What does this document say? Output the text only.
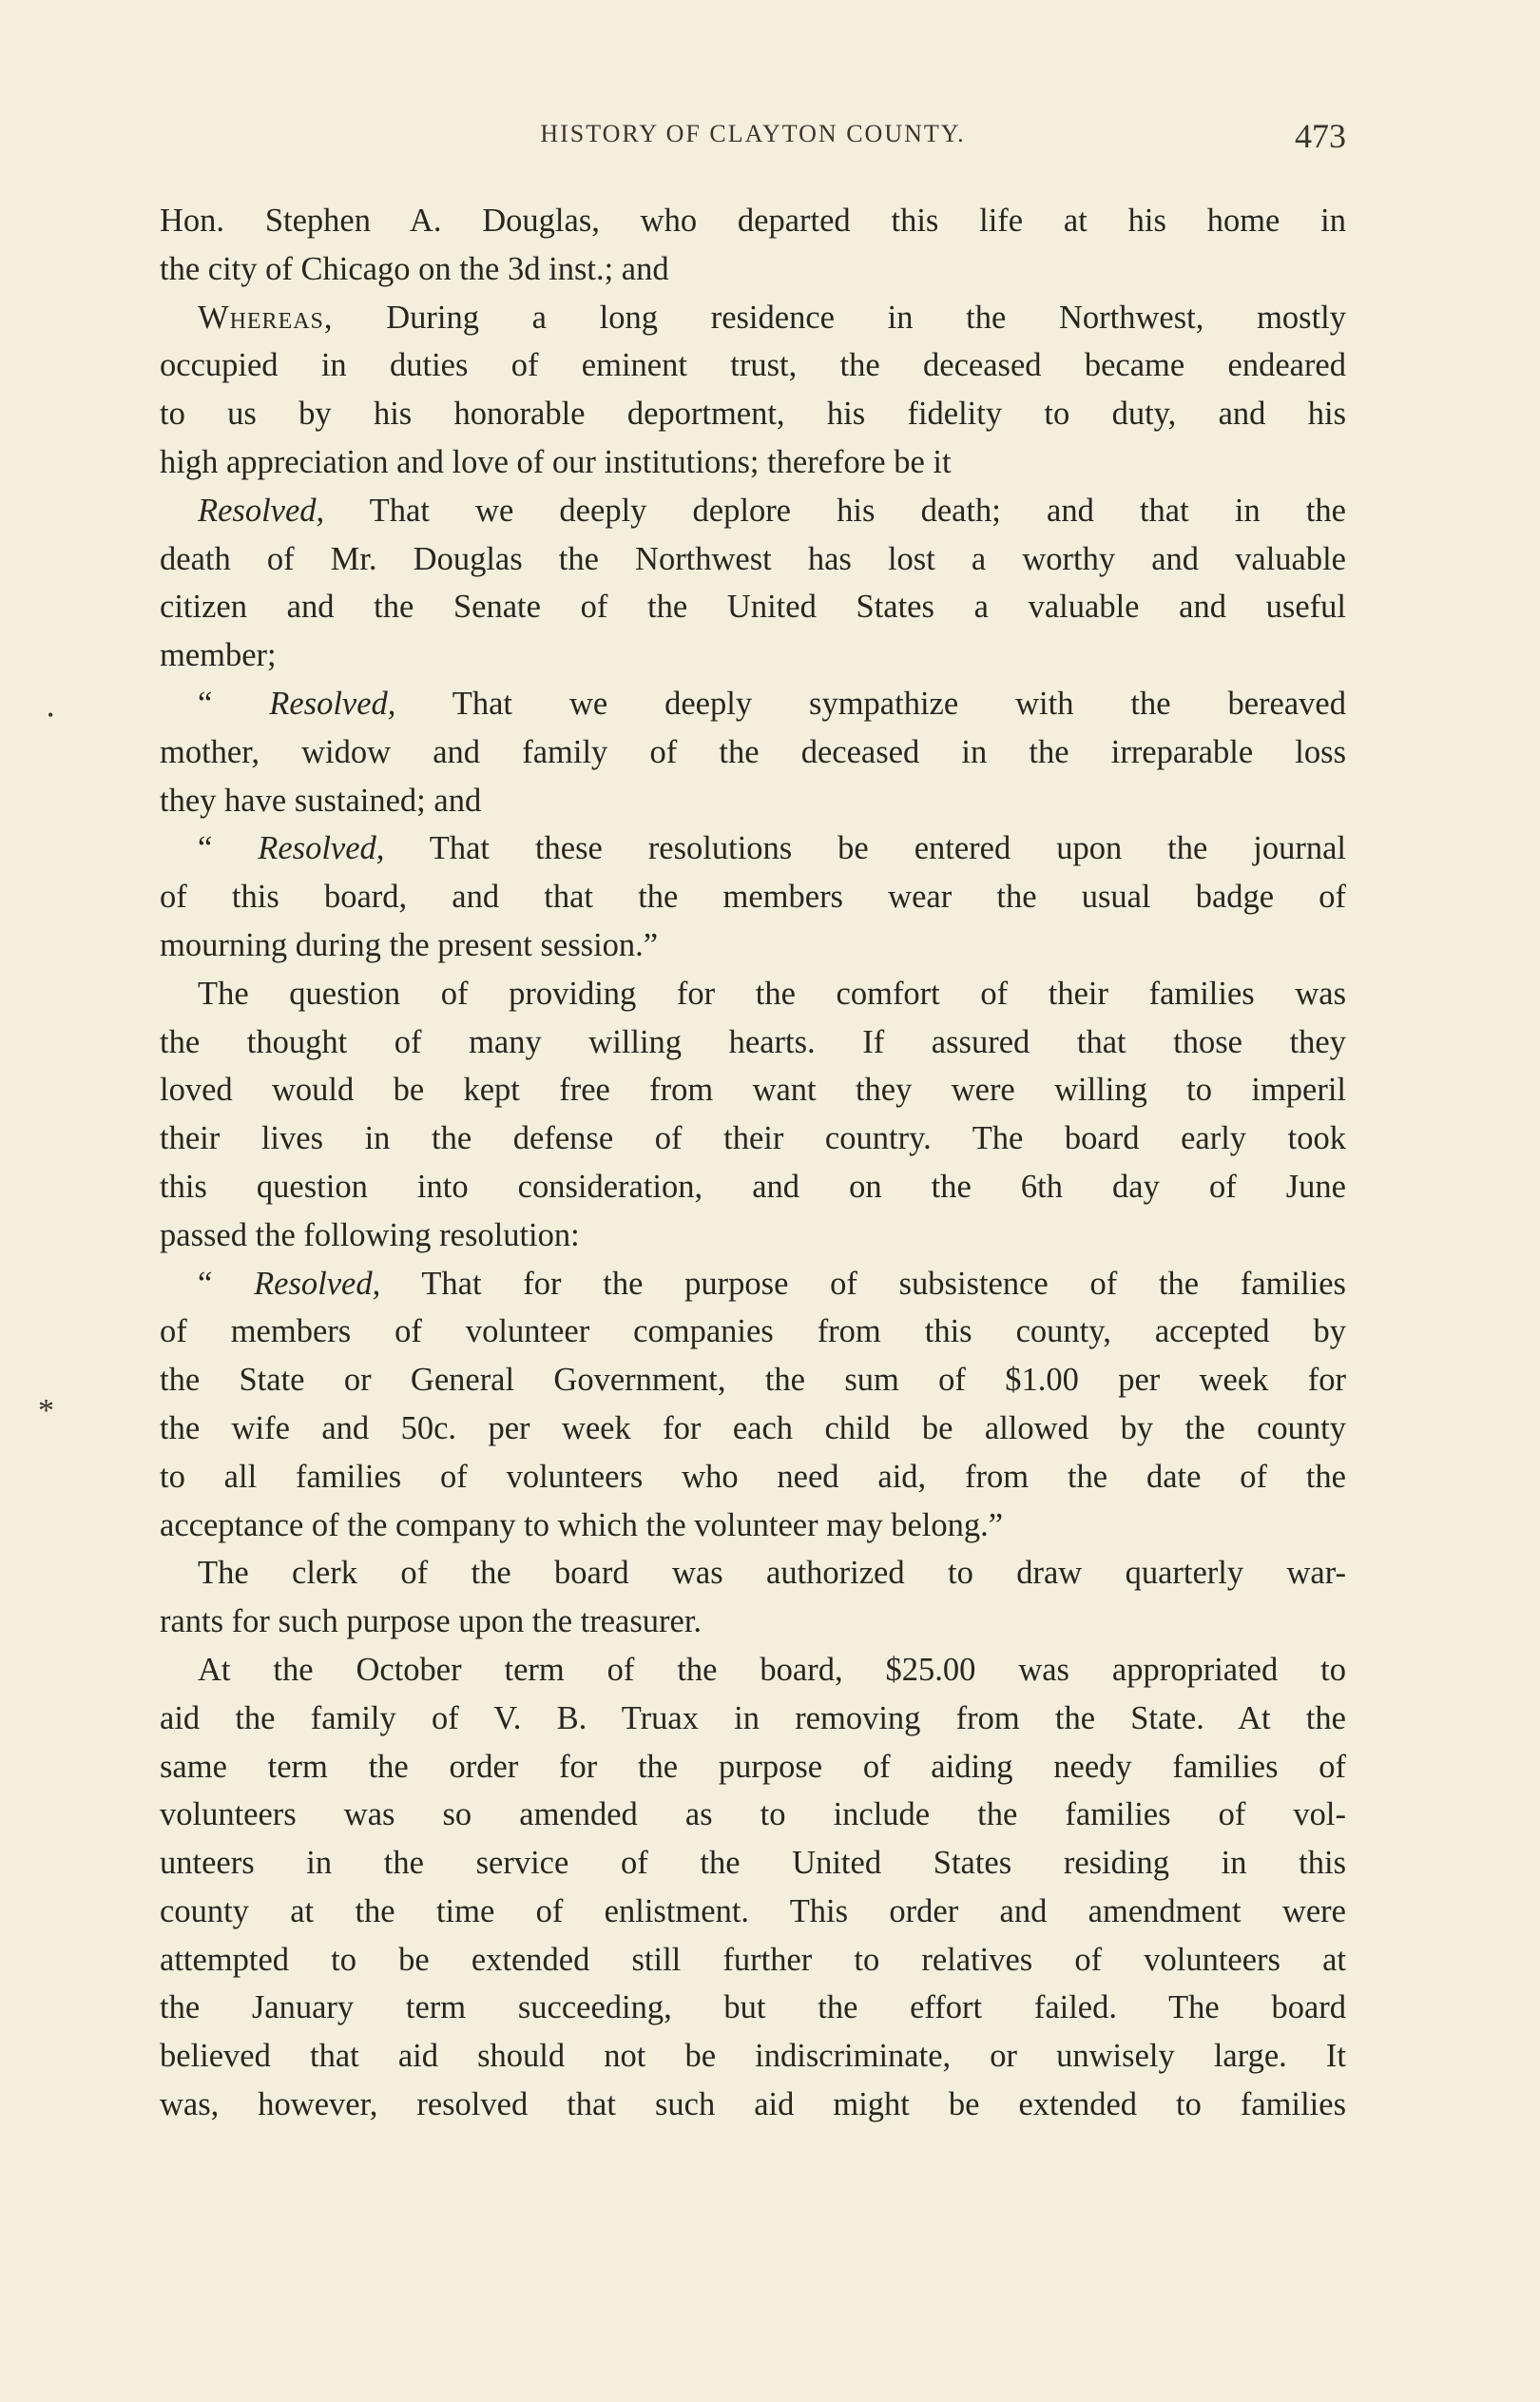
HISTORY OF CLAYTON COUNTY.	473
•
*
Hon. Stephen A. Douglas, who departed this life at his home in
the city of Chicago on the 3d inst.; and
Whereas, During a long residence in the Northwest, mostly
occupied in duties of eminent trust, the deceased became endeared
to us by his honorable deportment, his fidelity to duty, and his
high appreciation and love of our institutions; therefore be it
Resolved, That we deeply deplore his death; and that in the
death of Mr. Douglas the Northwest has lost a worthy and valuable
citizen and the Senate of the United States a valuable and useful
member;
“ Resolved, That we deeply sympathize with the bereaved
mother, widow and family of the deceased in the irreparable loss
they have sustained; and
“ Resolved, That these resolutions be entered upon the journal
of this board, and that the members wear the usual badge of
mourning during the present session.”
The question of providing for the comfort of their families was
the thought of many willing hearts. If assured that those they
loved would be kept free from want they were willing to imperil
their lives in the defense of their country. The board early took
this question into consideration, and on the 6th day of June
passed the following resolution:
“ Resolved, That for the purpose of subsistence of the families
of members of volunteer companies from this county, accepted by
the State or General Government, the sum of $1.00 per week for
the wife and 50c. per week for each child be allowed by the county
to all families of volunteers who need aid, from the date of the
acceptance of the company to which the volunteer may belong.”
The clerk of the board was authorized to draw quarterly war-
rants for such purpose upon the treasurer.
At the October term of the board, $25.00 was appropriated to
aid the family of V. B. Truax in removing from the State. At the
same term the order for the purpose of aiding needy families of
volunteers was so amended as to include the families of vol-
unteers in the service of the United States residing in this
county at the time of enlistment. This order and amendment were
attempted to be extended still further to relatives of volunteers at
the January term succeeding, but the effort failed. The board
believed that aid should not be indiscriminate, or unwisely large. It
was, however, resolved that such aid might be extended to families
